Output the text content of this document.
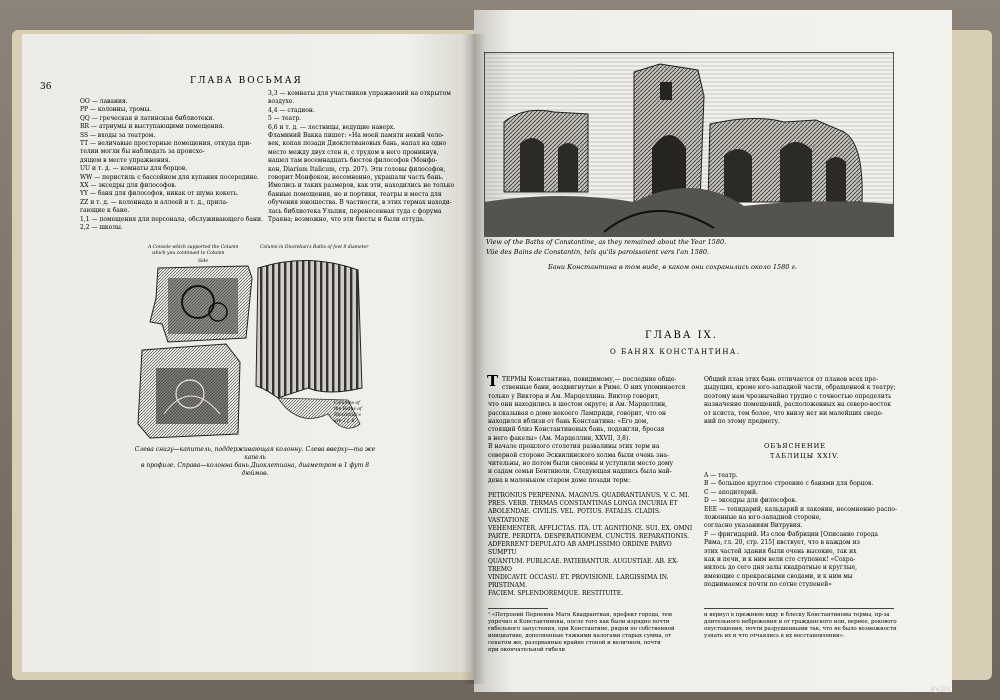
36
ГЛАВА ВОСЬМАЯ
ОО — лавания.
РР — колонны, тромы.
QQ — греческая и латинская библиотеки.
RR — атриумы и выступающими помещения.
SS — входы за театром.
TT — величавые просторные помещения, откуда при-
телии могли бы наблюдать за происхо-
дящем в месте упражнения.
UU и т. д. — комнаты для борцов.
WW — перистиль с бассейном для купания посередине.
XX — экседры для философов.
YY — баня для философов, никак от шума кокеть.
ZZ и т. д. — колоннада и аллеей и т. д., прила-
гающие к бане.
1,1 — помещения для персонала, обслуживающего бани.
2,2 — школы.
3,3 — комнаты для участников упражнений на открытом
воздухе.
4,4 — стадион.
5 — театр.
6,6 и т. д. — лестницы, ведущие наверх.
Фламиний Вакка пишет: «На моей памяти некий чело-
век, копая позади Диоклетиановых бань, напал на одно
место между двух стен и, с трудом в него проникнув,
нашел там восемнадцать бюстов философов (Монфо-
кон, Diarium Italicum, стр. 207). Эти головы философов,
говорит Монфокон, несомненно, украшали часть бань.
Имелись и таких размеров, как эти, находились не только
банные помещения, но и портики, театры и места для
обучения юношества. В частности, в этих термах находи-
лась библиотека Ульпия, перенесенная туда с форума
Траяна; возможно, что эти бюсты и были оттуда.
A Console which supported the Column
which you continued to Column
Side
Column in Diocletian's Baths of feet 8 diameter
Columns of
the Baths of
Diocletian's
are 2 f. 8
Слева снизу—капитель, поддерживающая колонну. Слева вверху—та же капель
в профиле. Справа—колонна бань Диоклетиана, диаметром в 1 фут 8 дюймов.
View of the Baths of Constantine, as they remained about the Year 1580.
Vüe des Bains de Constantin, tels qu'ils paroissoient vers l'an 1580.
Бани Константина в том виде, в каком они сохранились около 1580 г.
ГЛАВА IX.
О БАНЯХ КОНСТАНТИНА.
Т ТЕРМЫ Константина, повидимому,— последние обще-
ственные бани, воздвигнутые в Риме. О них упоминается
только у Виктора и Ам. Марцеллина. Виктор говорит,
что они находились в шестом округе; и Ам. Марцеллин,
рассказывая о доме некоего Ламприди, говорит, что он
находился вблизи от бань Константина: «Его дом,
стоящий близ Константиновых бань, подожгли, бросая
в него факелы» (Ам. Марцеллин, XXVII, 3,8).
В начале прошлого столетия развалины этих терм на
северной стороне Эсквилинского холма были очень зна-
чительны, но потом были снесены и уступили место дому
и садам семьи Бентиволи. Следующая надпись была най-
дена в маленьком старом доме позади терм:
PETRONIUS PERPENNA. MAGNUS. QUADRANTIANUS. V. C. MI.
PRES. VERB. TERMAS CONSTANTINAS LONGA INCURIA ET
ABOLENDAE. CIVILIS. VEL. POTIUS. FATALIS. CLADIS.
VASTATIONE
VEHEMENTER. AFFLICTAS. ITA. UT. AGNITIONE. SUI. EX. OMNI
PARTE. PERDITA. DESPERATIONEM. CUNCTIS. REPARATIONIS.
ADFERRENT DEPULATO AB AMPLISSIMO ORDINE PARVO
SUMPTU
QUANTUM. PUBLICAE. PATIEBANTUR. AUGUSTIAE. AB. EX-
TREMO
VINDICAVIT. OCCASU. ET. PROVISIONE. LARGISSIMA IN.
PRISTINAM.
FACIEM. SPLENDOREMQUE. RESTITUITE.
Общий план этих бань отличается от планов всех пре-
дыдущих, кроме юго-западной части, обращенной к театру;
поэтому нам чрезвычайно трудно с точностью определить
назначение помещений, расположенных на северо-восток
от ксиста, тем более, что внизу нет ни малейших сведе-
ний по этому предмету.
ОБЪЯСНЕНИЕ
ТАБЛИЦЫ XXIV.
A — театр.
B — большое круглое строение с банями для борцов.
C — аподитерий.
D — экседры для философов.
EEE — тепидарий, кальдарий и лаконик, несомненно распо-
ложенные на юго-западной стороне,
согласно указаниям Витрувия.
F — фригидарий. Из слов Фабриции [Описание города
Рима, гл. 20, стр. 215] явствует, что в каждом из
этих частей здания были очень высокие, так их
как и печи, и к ним вели сто ступенек! «Сохра-
нилось до сего дня залы квадратные и круглые,
имеющие с прекрасными сводами, и к ним мы
поднимаемся почти по сотне ступеней»
¹ «Петроний Перпенна Магн Квадрантиан, префект города, тем
упрочил и Константиновы, после того как были изрядно почти
гибельного запустения, при Константине, рядом по собственной
инициативе, дополненные тяжкими налогами старых сумма, от
сенатом же, разорванные крайне стопой и величием, почти
при окончательной гибели
и вернул в прежнюю виду и блеску Константиновы термы, пр-за
длительного небрежения и от гражданского или, вернее, рокового
опустошения, почти разрушенными так, что не было возможности
узнать их и что отчаялись в их восстановлении».
ay.by
